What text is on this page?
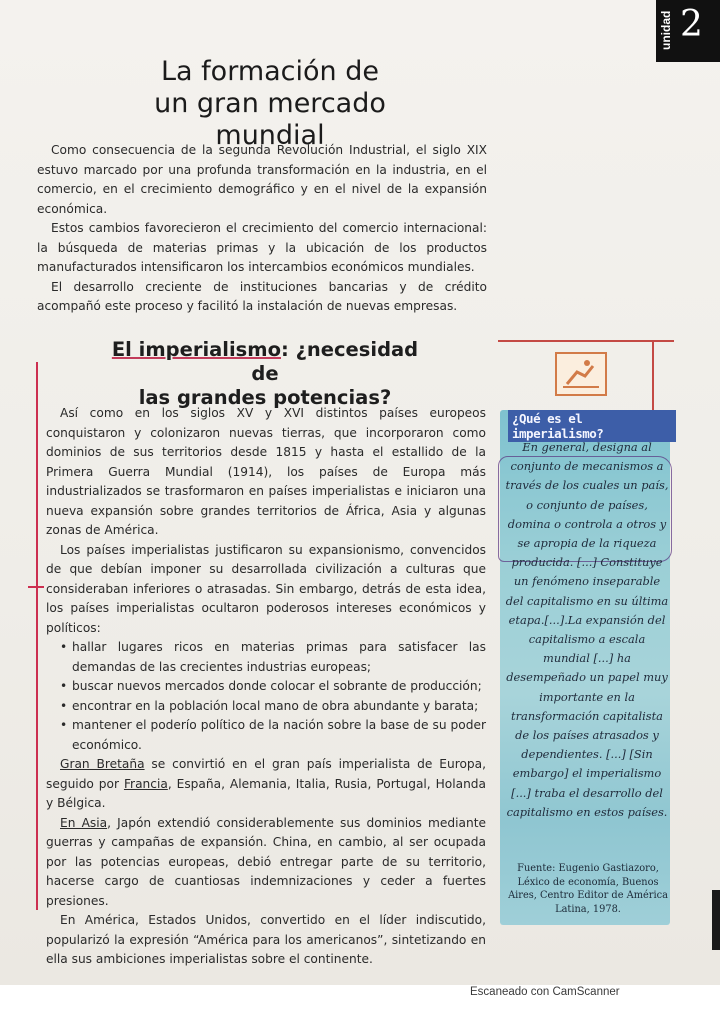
Escaneado con CamScanner
unidad 2
La formación de
un gran mercado mundial

Como consecuencia de la segunda Revolución Industrial, el siglo XIX estuvo marcado por una profunda transformación en la industria, en el comercio, en el crecimiento demográfico y en el nivel de la expansión económica.

Estos cambios favorecieron el crecimiento del comercio internacional: la búsqueda de materias primas y la ubicación de los productos manufacturados intensificaron los intercambios económicos mundiales.

El desarrollo creciente de instituciones bancarias y de crédito acompañó este proceso y facilitó la instalación de nuevas empresas.

El imperialismo: ¿necesidad de
las grandes potencias?

Así como en los siglos XV y XVI distintos países europeos conquistaron y colonizaron nuevas tierras, que incorporaron como dominios de sus territorios desde 1815 y hasta el estallido de la Primera Guerra Mundial (1914), los países de Europa más industrializados se trasformaron en países imperialistas e iniciaron una nueva expansión sobre grandes territorios de África, Asia y algunas zonas de América.

Los países imperialistas justificaron su expansionismo, convencidos de que debían imponer su desarrollada civilización a culturas que consideraban inferiores o atrasadas. Sin embargo, detrás de esta idea, los países imperialistas ocultaron poderosos intereses económicos y políticos:

• hallar lugares ricos en materias primas para satisfacer las demandas de las crecientes industrias europeas;
• buscar nuevos mercados donde colocar el sobrante de producción;
• encontrar en la población local mano de obra abundante y barata;
• mantener el poderío político de la nación sobre la base de su poder económico.

Gran Bretaña se convirtió en el gran país imperialista de Europa, seguido por Francia, España, Alemania, Italia, Rusia, Portugal, Holanda y Bélgica.

En Asia, Japón extendió considerablemente sus dominios mediante guerras y campañas de expansión. China, en cambio, al ser ocupada por las potencias europeas, debió entregar parte de su territorio, hacerse cargo de cuantiosas indemnizaciones y ceder a fuertes presiones.

En América, Estados Unidos, convertido en el líder indiscutido, popularizó la expresión “América para los americanos”, sintetizando en ella sus ambiciones imperialistas sobre el continente.

¿Qué es el imperialismo?
En general, designa al conjunto de mecanismos a través de los cuales un país, o conjunto de países, domina o controla a otros y se apropia de la riqueza producida. [...] Constituye un fenómeno inseparable del capitalismo en su última etapa.[...].La expansión del capitalismo a escala mundial [...] ha desempeñado un papel muy importante en la transformación capitalista de los países atrasados y dependientes. [...] [Sin embargo] el imperialismo [...] traba el desarrollo del capitalismo en estos países.
Fuente: Eugenio Gastiazoro, Léxico de economía, Buenos Aires, Centro Editor de América Latina, 1978.
